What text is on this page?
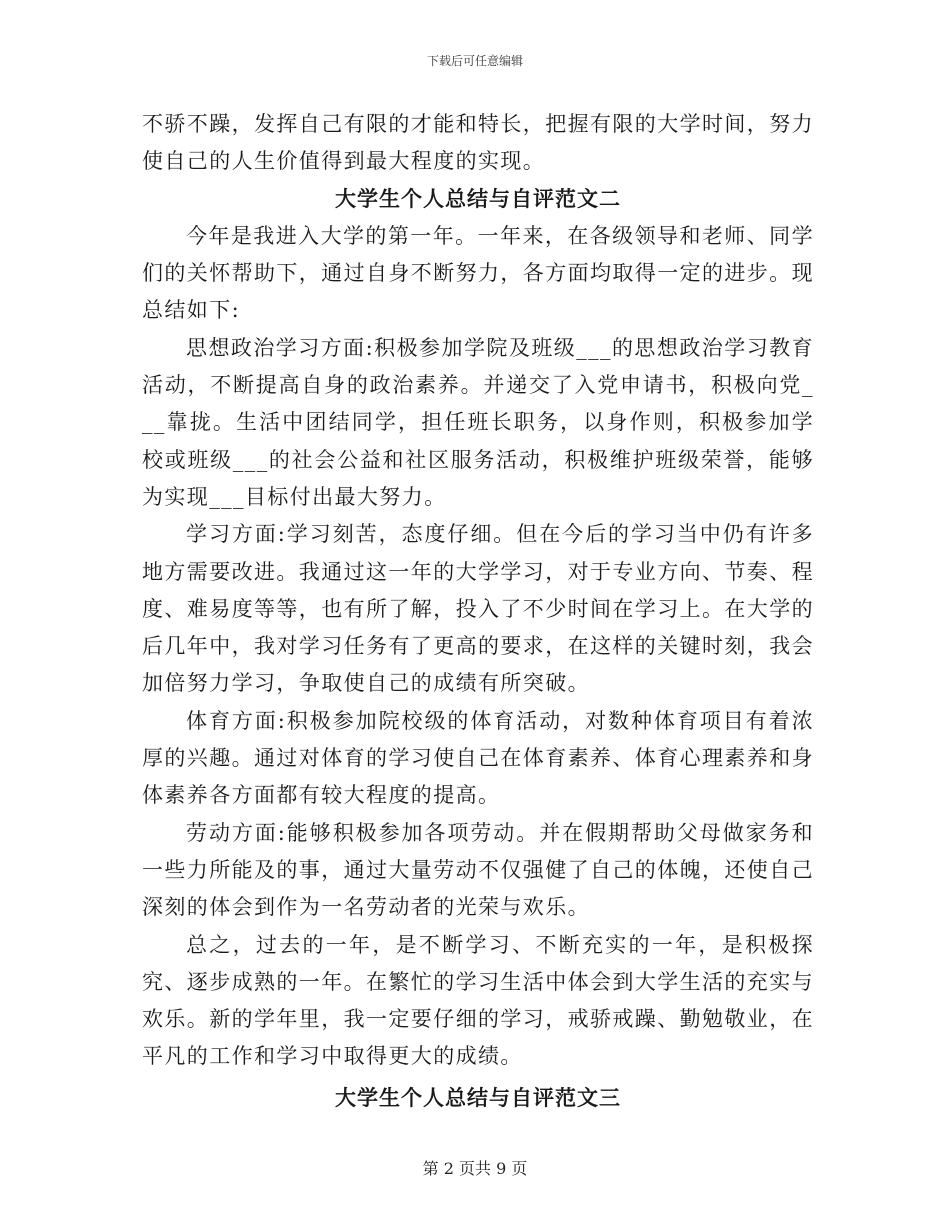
下载后可任意编辑

不骄不躁，发挥自己有限的才能和特长，把握有限的大学时间，努力使自己的人生价值得到最大程度的实现。

大学生个人总结与自评范文二

今年是我进入大学的第一年。一年来，在各级领导和老师、同学们的关怀帮助下，通过自身不断努力，各方面均取得一定的进步。现总结如下:

思想政治学习方面:积极参加学院及班级___的思想政治学习教育活动，不断提高自身的政治素养。并递交了入党申请书，积极向党___靠拢。生活中团结同学，担任班长职务，以身作则，积极参加学校或班级___的社会公益和社区服务活动，积极维护班级荣誉，能够为实现___目标付出最大努力。

学习方面:学习刻苦，态度仔细。但在今后的学习当中仍有许多地方需要改进。我通过这一年的大学学习，对于专业方向、节奏、程度、难易度等等，也有所了解，投入了不少时间在学习上。在大学的后几年中，我对学习任务有了更高的要求，在这样的关键时刻，我会加倍努力学习，争取使自己的成绩有所突破。

体育方面:积极参加院校级的体育活动，对数种体育项目有着浓厚的兴趣。通过对体育的学习使自己在体育素养、体育心理素养和身体素养各方面都有较大程度的提高。

劳动方面:能够积极参加各项劳动。并在假期帮助父母做家务和一些力所能及的事，通过大量劳动不仅强健了自己的体魄，还使自己深刻的体会到作为一名劳动者的光荣与欢乐。

总之，过去的一年，是不断学习、不断充实的一年，是积极探究、逐步成熟的一年。在繁忙的学习生活中体会到大学生活的充实与欢乐。新的学年里，我一定要仔细的学习，戒骄戒躁、勤勉敬业，在平凡的工作和学习中取得更大的成绩。

大学生个人总结与自评范文三
第 2 页共 9 页
